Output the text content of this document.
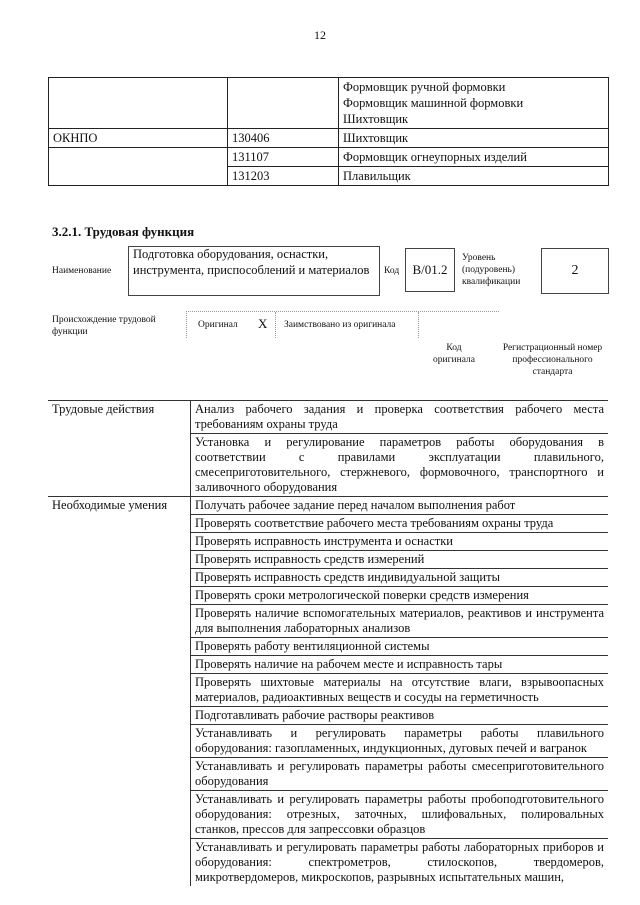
12

		Формовщик ручной формовки
Формовщик машинной формовки
Шихтовщик

ОКНПО	130406	Шихтовщик
	131107	Формовщик огнеупорных изделий
	131203	Плавильщик
3.2.1. Трудовая функция
Наименование
Подготовка оборудования, оснастки, инструмента, приспособлений и материалов	Код	B/01.2
Уровень (подуровень) квалификации
2
Происхождение трудовой функции
Оригинал X Заимствовано из оригинала
Код оригинала
Регистрационный номер профессионального стандарта
Трудовые действия	Анализ рабочего задания и проверка соответствия рабочего места требованиям охраны труда
	Установка и регулирование параметров работы оборудования в соответствии с правилами эксплуатации плавильного, смесеприготовительного, стержневого, формовочного, транспортного и заливочного оборудования
Необходимые умения	Получать рабочее задание перед началом выполнения работ
	Проверять соответствие рабочего места требованиям охраны труда
	Проверять исправность инструмента и оснастки
	Проверять исправность средств измерений
	Проверять исправность средств индивидуальной защиты
	Проверять сроки метрологической поверки средств измерения
	Проверять наличие вспомогательных материалов, реактивов и инструмента для выполнения лабораторных анализов
	Проверять работу вентиляционной системы
	Проверять наличие на рабочем месте и исправность тары
	Проверять шихтовые материалы на отсутствие влаги, взрывоопасных материалов, радиоактивных веществ и сосуды на герметичность
	Подготавливать рабочие растворы реактивов
	Устанавливать и регулировать параметры работы плавильного оборудования: газопламенных, индукционных, дуговых печей и вагранок
	Устанавливать и регулировать параметры работы смесеприготовительного оборудования
	Устанавливать и регулировать параметры работы пробоподготовительного оборудования: отрезных, заточных, шлифовальных, полировальных станков, прессов для запрессовки образцов
	Устанавливать и регулировать параметры работы лабораторных приборов и оборудования: спектрометров, стилоскопов, твердомеров, микротвердомеров, микроскопов, разрывных испытательных машин,
